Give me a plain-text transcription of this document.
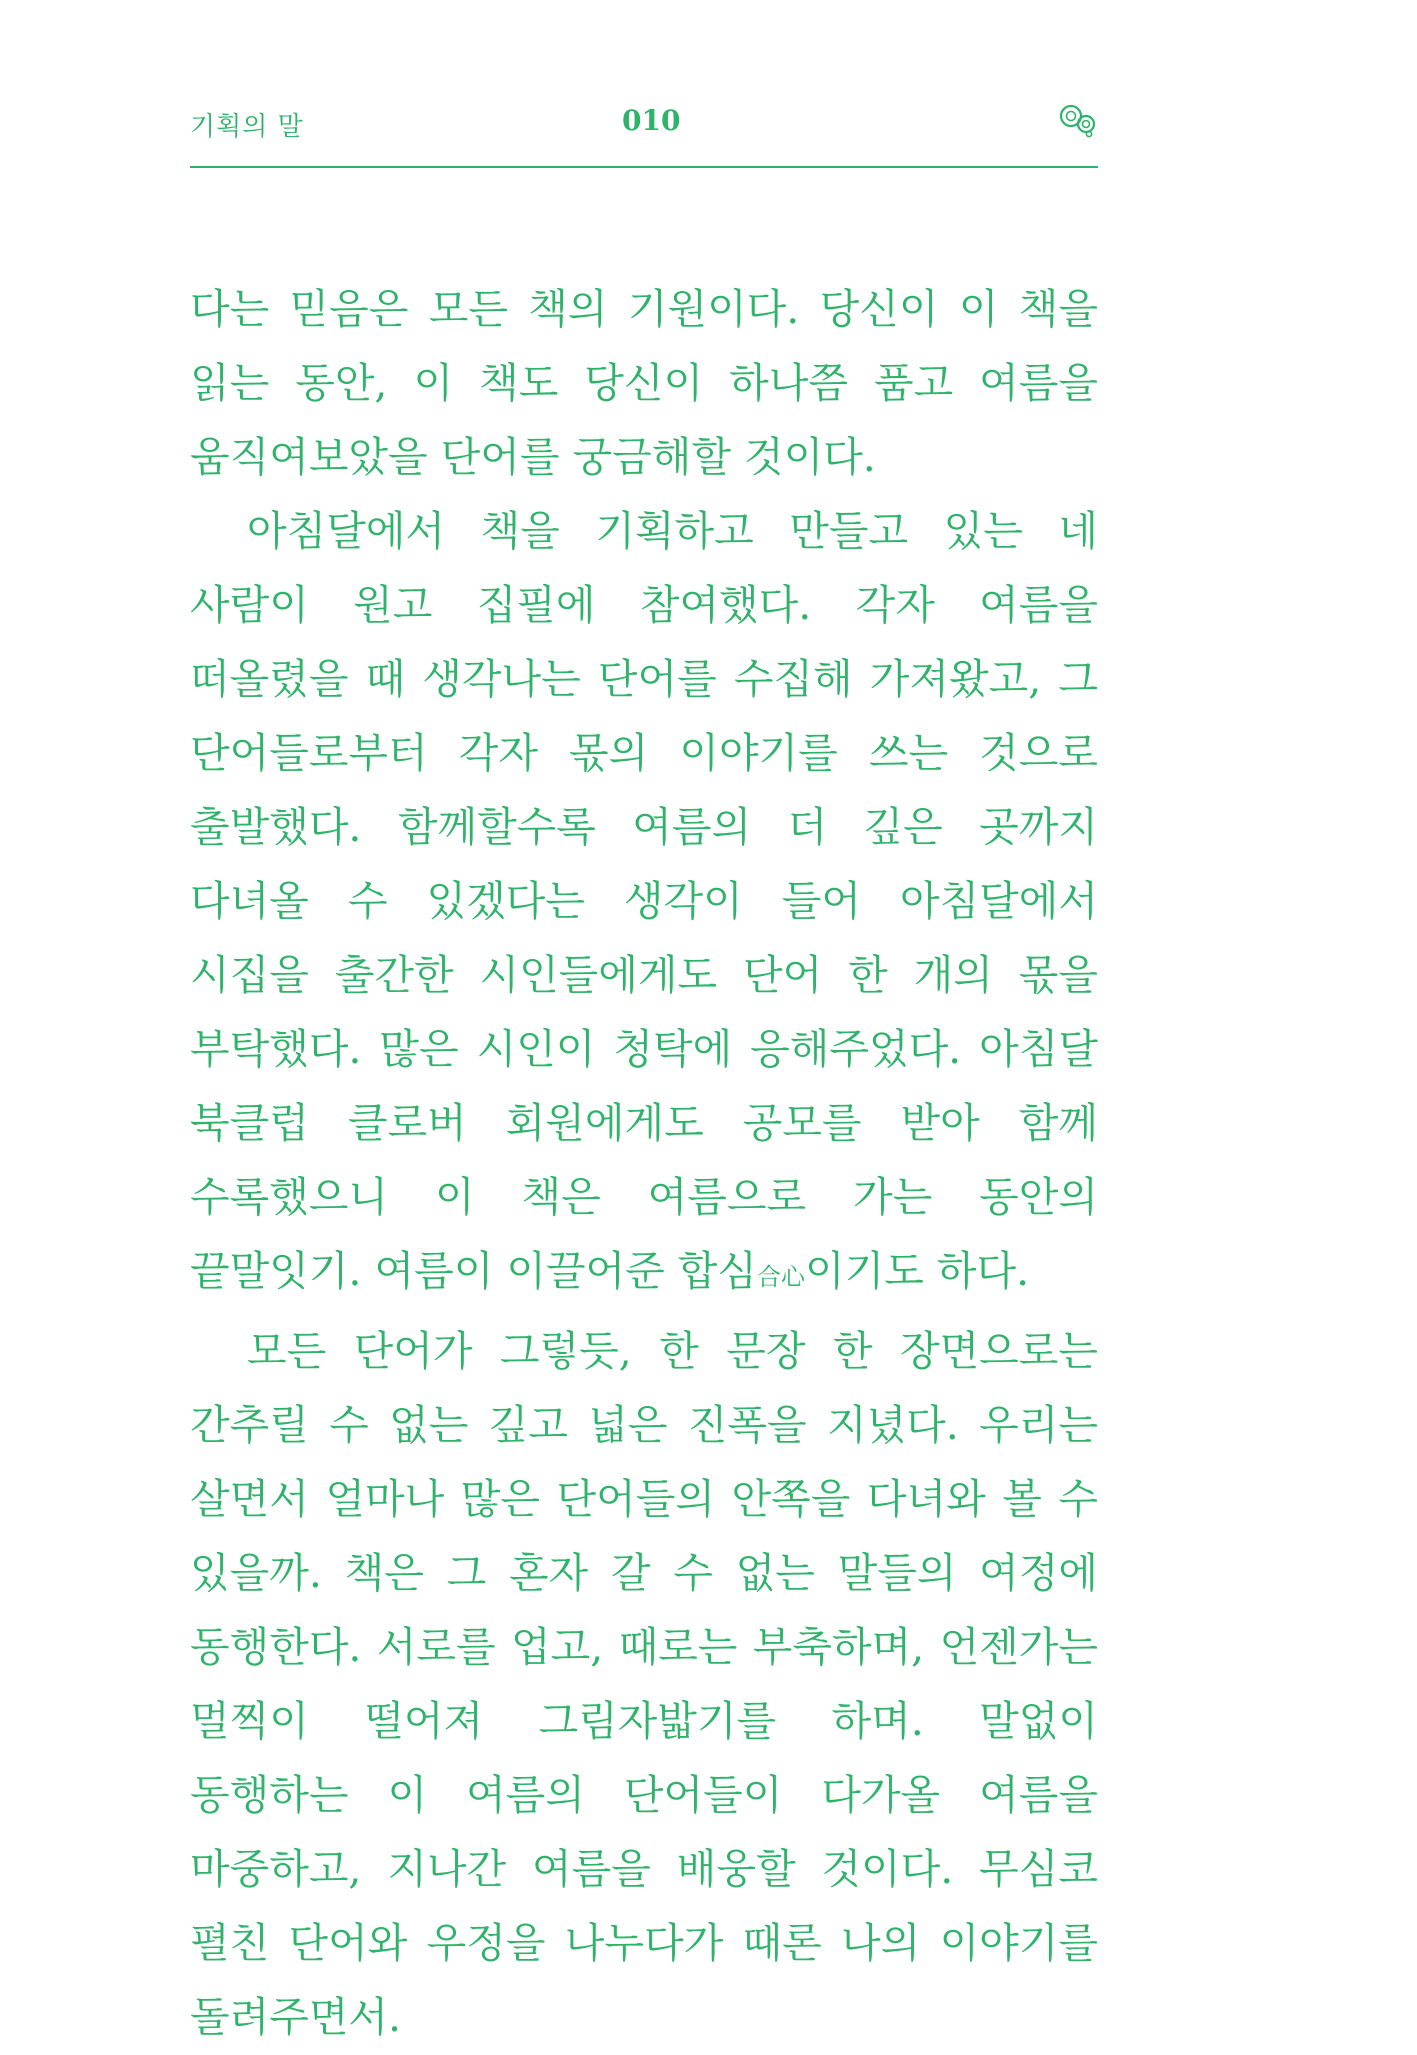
기획의 말	010

다는 믿음은 모든 책의 기원이다. 당신이 이 책을 읽는 동안, 이 책도 당신이 하나쯤 품고 여름을 움직여보았을 단어를 궁금해할 것이다.

아침달에서 책을 기획하고 만들고 있는 네 사람이 원고 집필에 참여했다. 각자 여름을 떠올렸을 때 생각나는 단어를 수집해 가져왔고, 그 단어들로부터 각자 몫의 이야기를 쓰는 것으로 출발했다. 함께할수록 여름의 더 깊은 곳까지 다녀올 수 있겠다는 생각이 들어 아침달에서 시집을 출간한 시인들에게도 단어 한 개의 몫을 부탁했다. 많은 시인이 청탁에 응해주었다. 아침달 북클럽 클로버 회원에게도 공모를 받아 함께 수록했으니 이 책은 여름으로 가는 동안의 끝말잇기. 여름이 이끌어준 합심合心이기도 하다.

모든 단어가 그렇듯, 한 문장 한 장면으로는 간추릴 수 없는 깊고 넓은 진폭을 지녔다. 우리는 살면서 얼마나 많은 단어들의 안쪽을 다녀와 볼 수 있을까. 책은 그 혼자 갈 수 없는 말들의 여정에 동행한다. 서로를 업고, 때로는 부축하며, 언젠가는 멀찍이 떨어져 그림자밟기를 하며. 말없이 동행하는 이 여름의 단어들이 다가올 여름을 마중하고, 지나간 여름을 배웅할 것이다. 무심코 펼친 단어와 우정을 나누다가 때론 나의 이야기를 돌려주면서.
